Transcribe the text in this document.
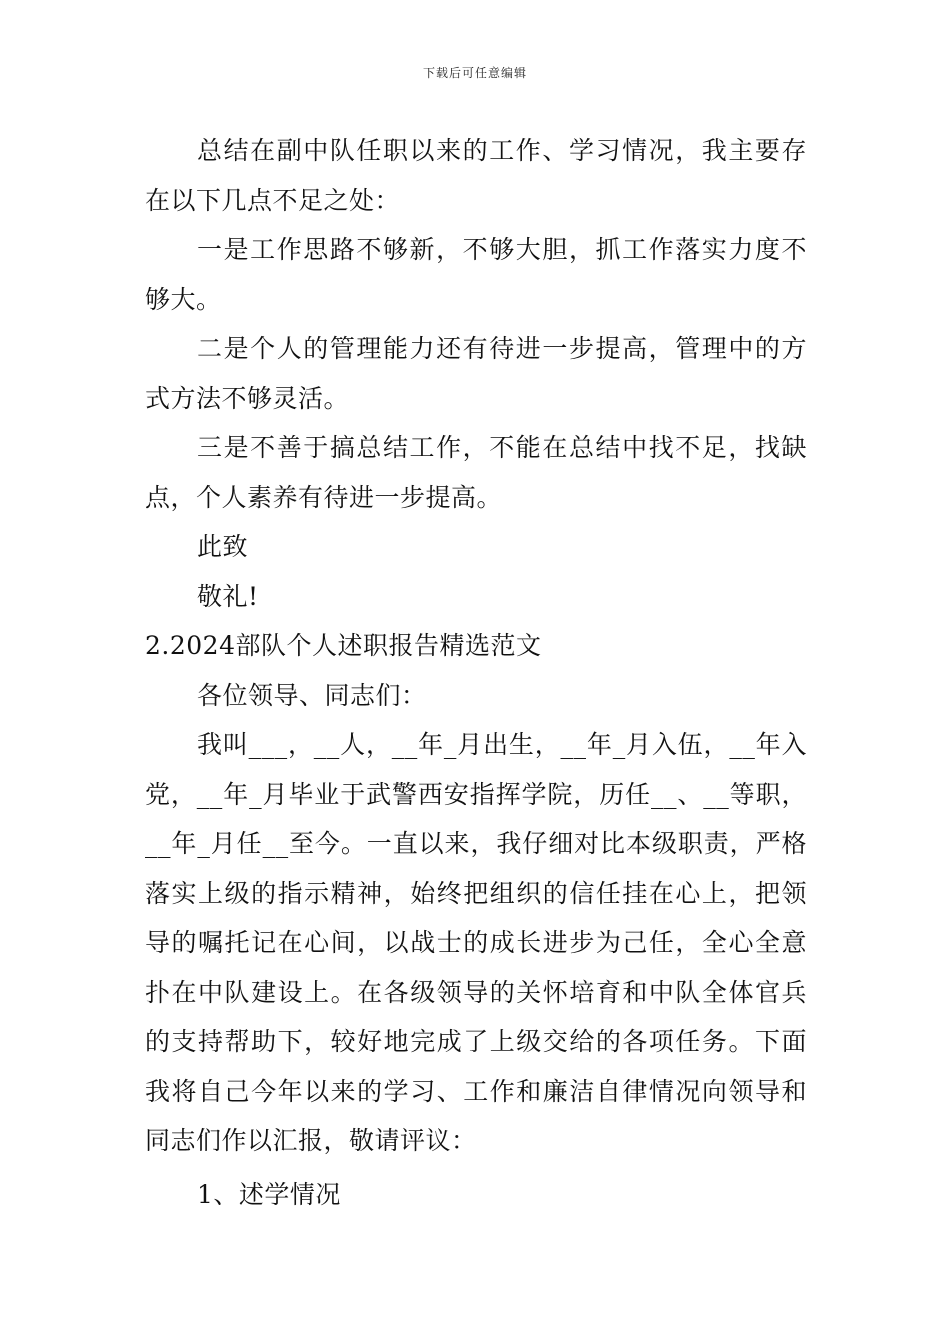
下载后可任意编辑

总结在副中队任职以来的工作、学习情况，我主要存在以下几点不足之处：

一是工作思路不够新，不够大胆，抓工作落实力度不够大。

二是个人的管理能力还有待进一步提高，管理中的方式方法不够灵活。

三是不善于搞总结工作，不能在总结中找不足，找缺点，个人素养有待进一步提高。

此致

敬礼!

2.2024部队个人述职报告精选范文

各位领导、同志们：

我叫___，__人，__年_月出生，__年_月入伍，__年入党，__年_月毕业于武警西安指挥学院，历任__、__等职，__年_月任__至今。一直以来，我仔细对比本级职责，严格落实上级的指示精神，始终把组织的信任挂在心上，把领导的嘱托记在心间，以战士的成长进步为己任，全心全意扑在中队建设上。在各级领导的关怀培育和中队全体官兵的支持帮助下，较好地完成了上级交给的各项任务。下面我将自己今年以来的学习、工作和廉洁自律情况向领导和同志们作以汇报，敬请评议：

1、述学情况
